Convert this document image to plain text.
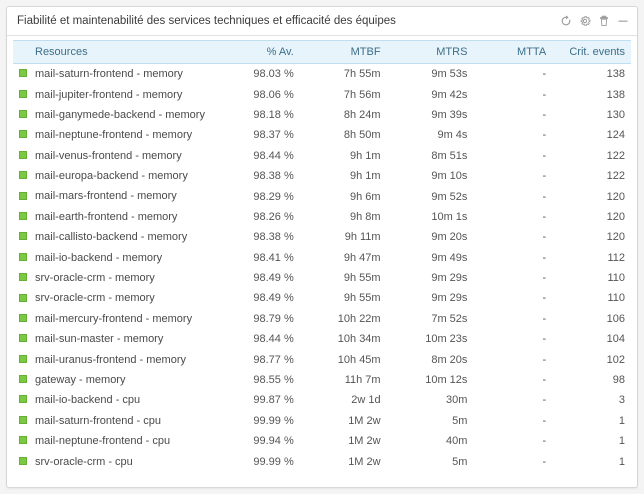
Fiabilité et maintenabilité des services techniques et efficacité des équipes
Resources	% Av.	MTBF	MTRS	MTTA	Crit. events
mail-saturn-frontend - memory	98.03 %	7h 55m	9m 53s	-	138
mail-jupiter-frontend - memory	98.06 %	7h 56m	9m 42s	-	138
mail-ganymede-backend - memory	98.18 %	8h 24m	9m 39s	-	130
mail-neptune-frontend - memory	98.37 %	8h 50m	9m 4s	-	124
mail-venus-frontend - memory	98.44 %	9h 1m	8m 51s	-	122
mail-europa-backend - memory	98.38 %	9h 1m	9m 10s	-	122
mail-mars-frontend - memory	98.29 %	9h 6m	9m 52s	-	120
mail-earth-frontend - memory	98.26 %	9h 8m	10m 1s	-	120
mail-callisto-backend - memory	98.38 %	9h 11m	9m 20s	-	120
mail-io-backend - memory	98.41 %	9h 47m	9m 49s	-	112
srv-oracle-crm - memory	98.49 %	9h 55m	9m 29s	-	110
srv-oracle-crm - memory	98.49 %	9h 55m	9m 29s	-	110
mail-mercury-frontend - memory	98.79 %	10h 22m	7m 52s	-	106
mail-sun-master - memory	98.44 %	10h 34m	10m 23s	-	104
mail-uranus-frontend - memory	98.77 %	10h 45m	8m 20s	-	102
gateway - memory	98.55 %	11h 7m	10m 12s	-	98
mail-io-backend - cpu	99.87 %	2w 1d	30m	-	3
mail-saturn-frontend - cpu	99.99 %	1M 2w	5m	-	1
mail-neptune-frontend - cpu	99.94 %	1M 2w	40m	-	1
srv-oracle-crm - cpu	99.99 %	1M 2w	5m	-	1
